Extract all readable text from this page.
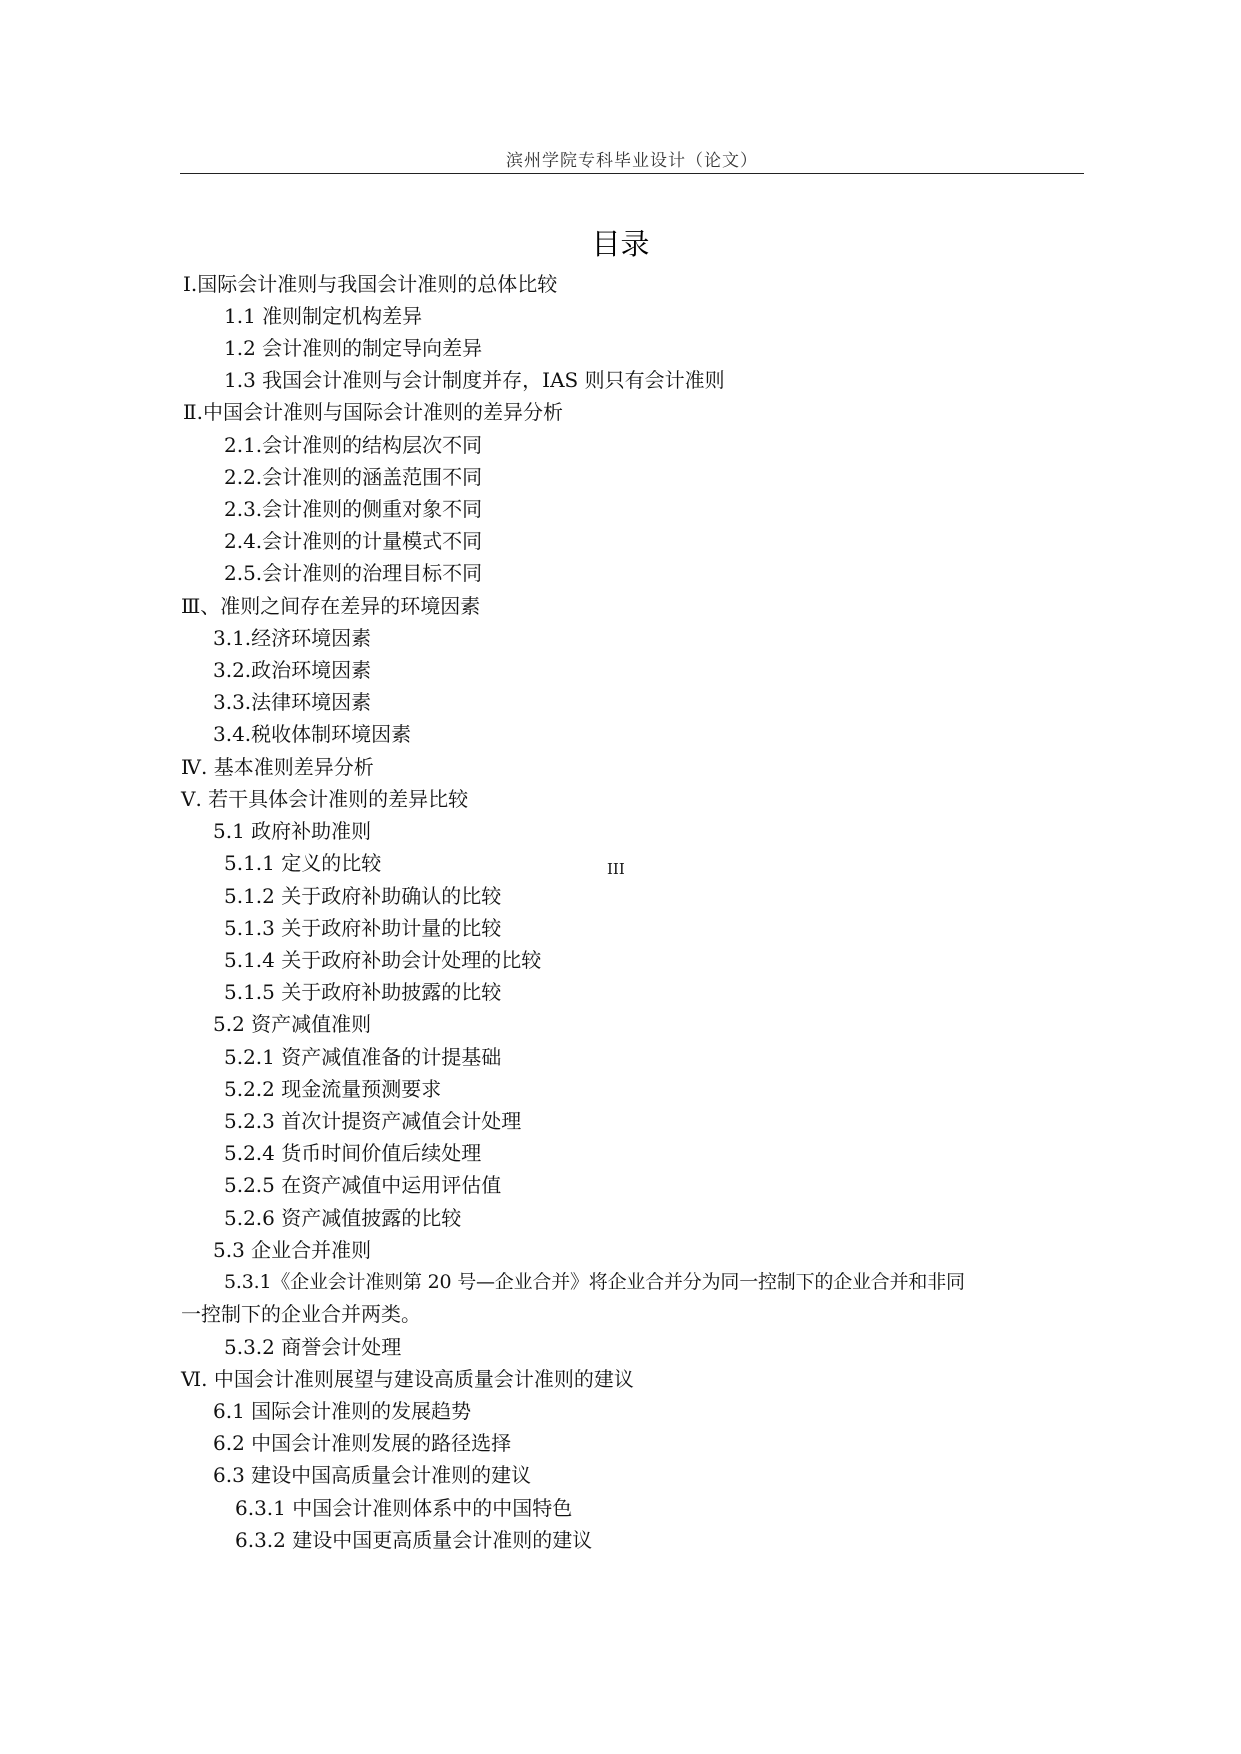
滨州学院专科毕业设计（论文）
目录
Ⅰ.国际会计准则与我国会计准则的总体比较
1.1 准则制定机构差异
1.2 会计准则的制定导向差异
1.3 我国会计准则与会计制度并存，IAS 则只有会计准则
Ⅱ.中国会计准则与国际会计准则的差异分析
2.1.会计准则的结构层次不同
2.2.会计准则的涵盖范围不同
2.3.会计准则的侧重对象不同
2.4.会计准则的计量模式不同
2.5.会计准则的治理目标不同
Ⅲ、准则之间存在差异的环境因素
3.1.经济环境因素
3.2.政治环境因素
3.3.法律环境因素
3.4.税收体制环境因素
Ⅳ. 基本准则差异分析
Ⅴ. 若干具体会计准则的差异比较
5.1 政府补助准则
5.1.1 定义的比较
5.1.2 关于政府补助确认的比较
5.1.3 关于政府补助计量的比较
5.1.4 关于政府补助会计处理的比较
5.1.5 关于政府补助披露的比较
5.2 资产减值准则
5.2.1 资产减值准备的计提基础
5.2.2 现金流量预测要求
5.2.3 首次计提资产减值会计处理
5.2.4 货币时间价值后续处理
5.2.5 在资产减值中运用评估值
5.2.6 资产减值披露的比较
5.3 企业合并准则
5.3.1《企业会计准则第 20 号—企业合并》将企业合并分为同一控制下的企业合并和非同
一控制下的企业合并两类。
5.3.2 商誉会计处理
Ⅵ. 中国会计准则展望与建设高质量会计准则的建议
6.1 国际会计准则的发展趋势
6.2 中国会计准则发展的路径选择
6.3 建设中国高质量会计准则的建议
6.3.1 中国会计准则体系中的中国特色
6.3.2 建设中国更高质量会计准则的建议
III
